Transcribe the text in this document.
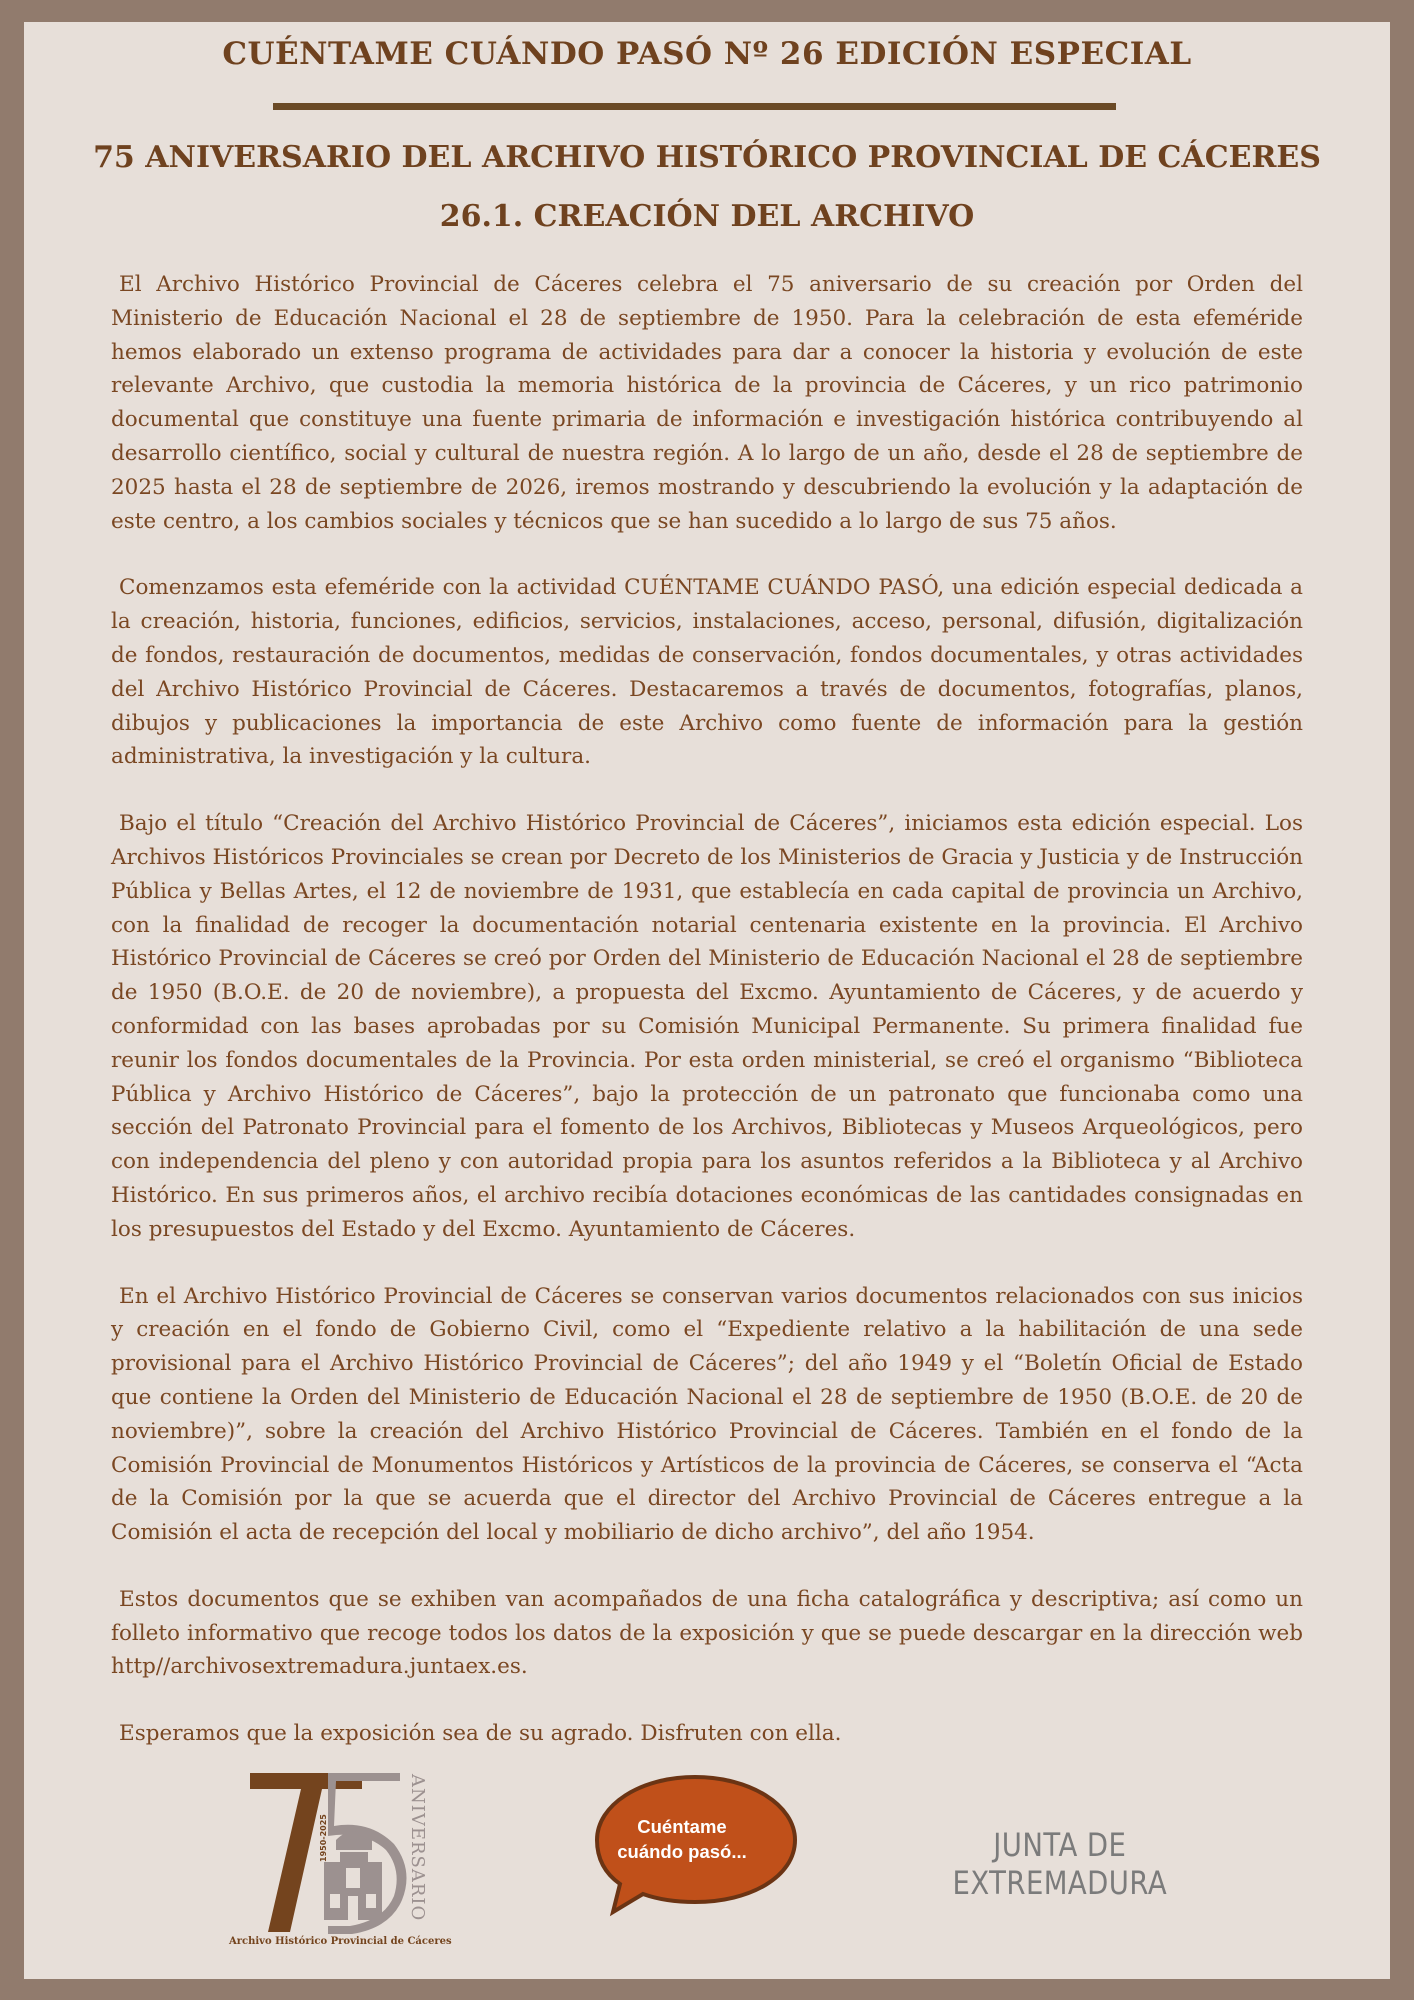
CUÉNTAME CUÁNDO PASÓ Nº 26 EDICIÓN ESPECIAL
75 ANIVERSARIO DEL ARCHIVO HISTÓRICO PROVINCIAL DE CÁCERES
26.1. CREACIÓN DEL ARCHIVO

El Archivo Histórico Provincial de Cáceres celebra el 75 aniversario de su creación por Orden del Ministerio de Educación Nacional el 28 de septiembre de 1950. Para la celebración de esta efeméride hemos elaborado un extenso programa de actividades para dar a conocer la historia y evolución de este relevante Archivo, que custodia la memoria histórica de la provincia de Cáceres, y un rico patrimonio documental que constituye una fuente primaria de información e investigación histórica contribuyendo al desarrollo científico, social y cultural de nuestra región. A lo largo de un año, desde el 28 de septiembre de 2025 hasta el 28 de septiembre de 2026, iremos mostrando y descubriendo la evolución y la adaptación de este centro, a los cambios sociales y técnicos que se han sucedido a lo largo de sus 75 años.

Comenzamos esta efeméride con la actividad CUÉNTAME CUÁNDO PASÓ, una edición especial dedicada a la creación, historia, funciones, edificios, servicios, instalaciones, acceso, personal, difusión, digitalización de fondos, restauración de documentos, medidas de conservación, fondos documentales, y otras actividades del Archivo Histórico Provincial de Cáceres. Destacaremos a través de documentos, fotografías, planos, dibujos y publicaciones la importancia de este Archivo como fuente de información para la gestión administrativa, la investigación y la cultura.

Bajo el título “Creación del Archivo Histórico Provincial de Cáceres”, iniciamos esta edición especial. Los Archivos Históricos Provinciales se crean por Decreto de los Ministerios de Gracia y Justicia y de Instrucción Pública y Bellas Artes, el 12 de noviembre de 1931, que establecía en cada capital de provincia un Archivo, con la finalidad de recoger la documentación notarial centenaria existente en la provincia. El Archivo Histórico Provincial de Cáceres se creó por Orden del Ministerio de Educación Nacional el 28 de septiembre de 1950 (B.O.E. de 20 de noviembre), a propuesta del Excmo. Ayuntamiento de Cáceres, y de acuerdo y conformidad con las bases aprobadas por su Comisión Municipal Permanente. Su primera finalidad fue reunir los fondos documentales de la Provincia. Por esta orden ministerial, se creó el organismo “Biblioteca Pública y Archivo Histórico de Cáceres”, bajo la protección de un patronato que funcionaba como una sección del Patronato Provincial para el fomento de los Archivos, Bibliotecas y Museos Arqueológicos, pero con independencia del pleno y con autoridad propia para los asuntos referidos a la Biblioteca y al Archivo Histórico. En sus primeros años, el archivo recibía dotaciones económicas de las cantidades consignadas en los presupuestos del Estado y del Excmo. Ayuntamiento de Cáceres.

En el Archivo Histórico Provincial de Cáceres se conservan varios documentos relacionados con sus inicios y creación en el fondo de Gobierno Civil, como el “Expediente relativo a la habilitación de una sede provisional para el Archivo Histórico Provincial de Cáceres”; del año 1949 y el “Boletín Oficial de Estado que contiene la Orden del Ministerio de Educación Nacional el 28 de septiembre de 1950 (B.O.E. de 20 de noviembre)”, sobre la creación del Archivo Histórico Provincial de Cáceres. También en el fondo de la Comisión Provincial de Monumentos Históricos y Artísticos de la provincia de Cáceres, se conserva el “Acta de la Comisión por la que se acuerda que el director del Archivo Provincial de Cáceres entregue a la Comisión el acta de recepción del local y mobiliario de dicho archivo”, del año 1954.

Estos documentos que se exhiben van acompañados de una ficha catalográfica y descriptiva; así como un folleto informativo que recoge todos los datos de la exposición y que se puede descargar en la dirección web http//archivosextremadura.juntaex.es.

Esperamos que la exposición sea de su agrado. Disfruten con ella.

1950-2025	ANIVERSARIO
Archivo Histórico Provincial de Cáceres
Cuéntame
cuándo pasó...	JUNTA DE EXTREMADURA
